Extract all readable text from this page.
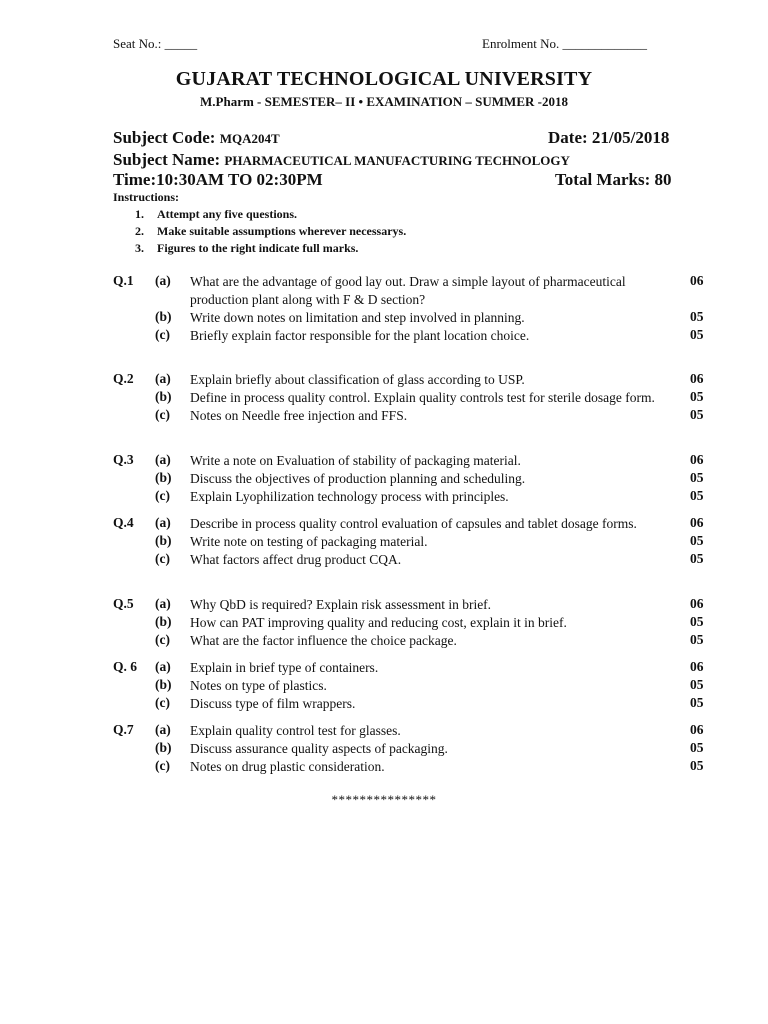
Seat No.: _____	Enrolment No. _____________
GUJARAT TECHNOLOGICAL UNIVERSITY
M.Pharm - SEMESTER– II • EXAMINATION – SUMMER -2018
Subject Code: MQA204T	Date: 21/05/2018
Subject Name: PHARMACEUTICAL MANUFACTURING TECHNOLOGY
Time:10:30AM TO 02:30PM	Total Marks: 80
Instructions:
1. Attempt any five questions.
2. Make suitable assumptions wherever necessarys.
3. Figures to the right indicate full marks.
Q.1 (a) What are the advantage of good lay out. Draw a simple layout of pharmaceutical production plant along with F & D section?
06
(b) Write down notes on limitation and step involved in planning.	05
(c) Briefly explain factor responsible for the plant location choice.	05
Q.2 (a) Explain briefly about classification of glass according to USP.	06
(b) Define in process quality control. Explain quality controls test for sterile dosage form.	05
(c) Notes on Needle free injection and FFS.	05
Q.3 (a) Write a note on Evaluation of stability of packaging material.	06
(b) Discuss the objectives of production planning and scheduling.	05
(c) Explain Lyophilization technology process with principles.	05
Q.4 (a) Describe in process quality control evaluation of capsules and tablet dosage forms.	06
(b) Write note on testing of packaging material.	05
(c) What factors affect drug product CQA.	05
Q.5 (a) Why QbD is required? Explain risk assessment in brief.	06
(b) How can PAT improving quality and reducing cost, explain it in brief.	05
(c) What are the factor influence the choice package.	05
Q. 6 (a) Explain in brief type of containers.	06
(b) Notes on type of plastics.	05
(c) Discuss type of film wrappers.	05
Q.7 (a) Explain quality control test for glasses.	06
(b) Discuss assurance quality aspects of packaging.	05
(c) Notes on drug plastic consideration.	05
***************
